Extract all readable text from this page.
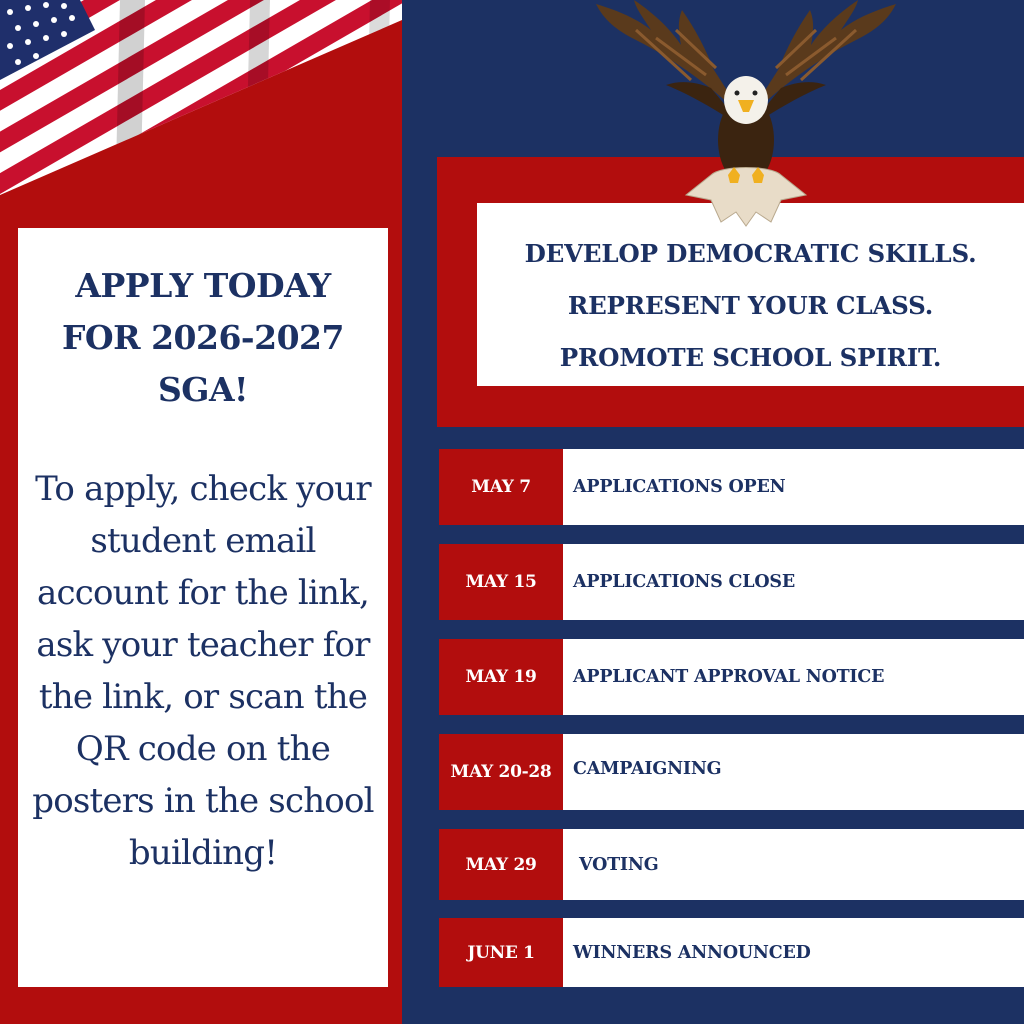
APPLY TODAY FOR 2026-2027 SGA!
To apply, check your student email account for the link, ask your teacher for the link, or scan the QR code on the posters in the school building!
DEVELOP DEMOCRATIC SKILLS.
REPRESENT YOUR CLASS.
PROMOTE SCHOOL SPIRIT.
MAY 7	APPLICATIONS OPEN
MAY 15	APPLICATIONS CLOSE
MAY 19	APPLICANT APPROVAL NOTICE
MAY 20-28	CAMPAIGNING
MAY 29	VOTING
JUNE 1	WINNERS ANNOUNCED
